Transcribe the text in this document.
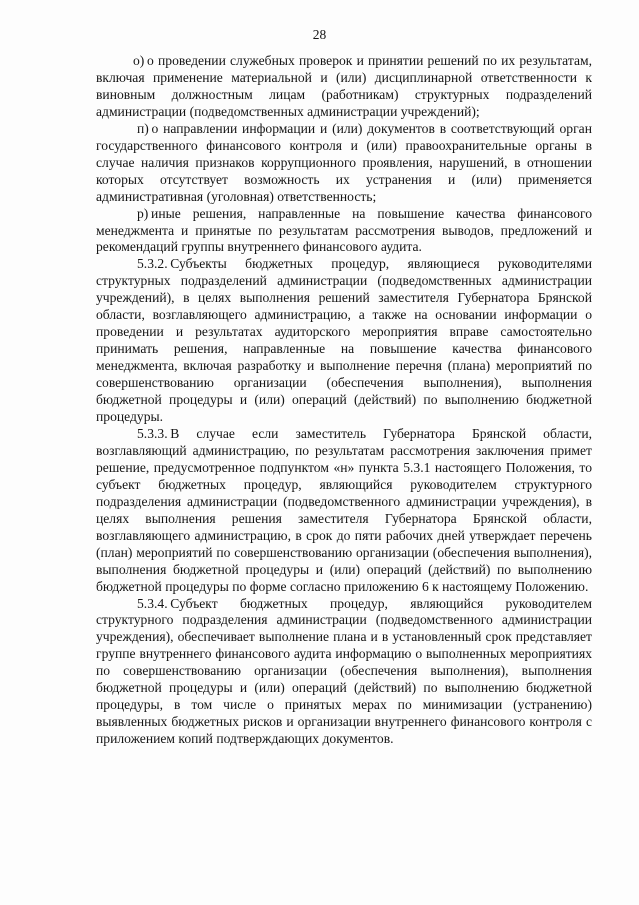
28

о) о проведении служебных проверок и принятии решений по их результатам, включая применение материальной и (или) дисциплинарной ответственности к виновным должностным лицам (работникам) структурных подразделений администрации (подведомственных администрации учреждений);

п) о направлении информации и (или) документов в соответствующий орган государственного финансового контроля и (или) правоохранительные органы в случае наличия признаков коррупционного проявления, нарушений, в отношении которых отсутствует возможность их устранения и (или) применяется административная (уголовная) ответственность;

р) иные решения, направленные на повышение качества финансового менеджмента и принятые по результатам рассмотрения выводов, предложений и рекомендаций группы внутреннего финансового аудита.

5.3.2. Субъекты бюджетных процедур, являющиеся руководителями структурных подразделений администрации (подведомственных администрации учреждений), в целях выполнения решений заместителя Губернатора Брянской области, возглавляющего администрацию, а также на основании информации о проведении и результатах аудиторского мероприятия вправе самостоятельно принимать решения, направленные на повышение качества финансового менеджмента, включая разработку и выполнение перечня (плана) мероприятий по совершенствованию организации (обеспечения выполнения), выполнения бюджетной процедуры и (или) операций (действий) по выполнению бюджетной процедуры.

5.3.3. В случае если заместитель Губернатора Брянской области, возглавляющий администрацию, по результатам рассмотрения заключения примет решение, предусмотренное подпунктом «н» пункта 5.3.1 настоящего Положения, то субъект бюджетных процедур, являющийся руководителем структурного подразделения администрации (подведомственного администрации учреждения), в целях выполнения решения заместителя Губернатора Брянской области, возглавляющего администрацию, в срок до пяти рабочих дней утверждает перечень (план) мероприятий по совершенствованию организации (обеспечения выполнения), выполнения бюджетной процедуры и (или) операций (действий) по выполнению бюджетной процедуры по форме согласно приложению 6 к настоящему Положению.

5.3.4. Субъект бюджетных процедур, являющийся руководителем структурного подразделения администрации (подведомственного администрации учреждения), обеспечивает выполнение плана и в установленный срок представляет группе внутреннего финансового аудита информацию о выполненных мероприятиях по совершенствованию организации (обеспечения выполнения), выполнения бюджетной процедуры и (или) операций (действий) по выполнению бюджетной процедуры, в том числе о принятых мерах по минимизации (устранению) выявленных бюджетных рисков и организации внутреннего финансового контроля с приложением копий подтверждающих документов.
